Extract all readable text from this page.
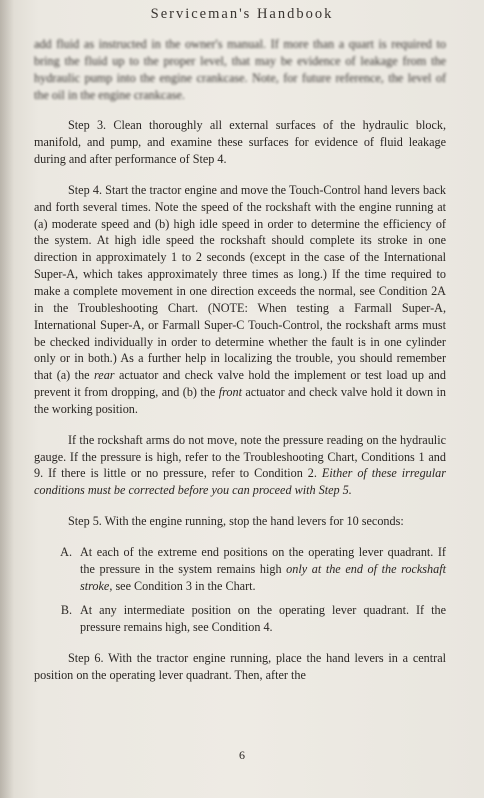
Serviceman's Handbook

add fluid as instructed in the owner's manual. If more than a quart is required to bring the fluid up to the proper level, that may be evidence of leakage from the hydraulic pump into the engine crankcase. Note, for future reference, the level of the oil in the engine crankcase.

Step 3. Clean thoroughly all external surfaces of the hydraulic block, manifold, and pump, and examine these surfaces for evidence of fluid leakage during and after performance of Step 4.

Step 4. Start the tractor engine and move the Touch-Control hand levers back and forth several times. Note the speed of the rockshaft with the engine running at (a) moderate speed and (b) high idle speed in order to determine the efficiency of the system. At high idle speed the rockshaft should complete its stroke in one direction in approximately 1 to 2 seconds (except in the case of the International Super-A, which takes approximately three times as long.) If the time required to make a complete movement in one direction exceeds the normal, see Condition 2A in the Troubleshooting Chart. (NOTE: When testing a Farmall Super-A, International Super-A, or Farmall Super-C Touch-Control, the rockshaft arms must be checked individually in order to determine whether the fault is in one cylinder only or in both.) As a further help in localizing the trouble, you should remember that (a) the rear actuator and check valve hold the implement or test load up and prevent it from dropping, and (b) the front actuator and check valve hold it down in the working position.

If the rockshaft arms do not move, note the pressure reading on the hydraulic gauge. If the pressure is high, refer to the Troubleshooting Chart, Conditions 1 and 9. If there is little or no pressure, refer to Condition 2. Either of these irregular conditions must be corrected before you can proceed with Step 5.

Step 5. With the engine running, stop the hand levers for 10 seconds:

A. At each of the extreme end positions on the operating lever quadrant. If the pressure in the system remains high only at the end of the rockshaft stroke, see Condition 3 in the Chart.
B. At any intermediate position on the operating lever quadrant. If the pressure remains high, see Condition 4.

Step 6. With the tractor engine running, place the hand levers in a central position on the operating lever quadrant. Then, after the

6
